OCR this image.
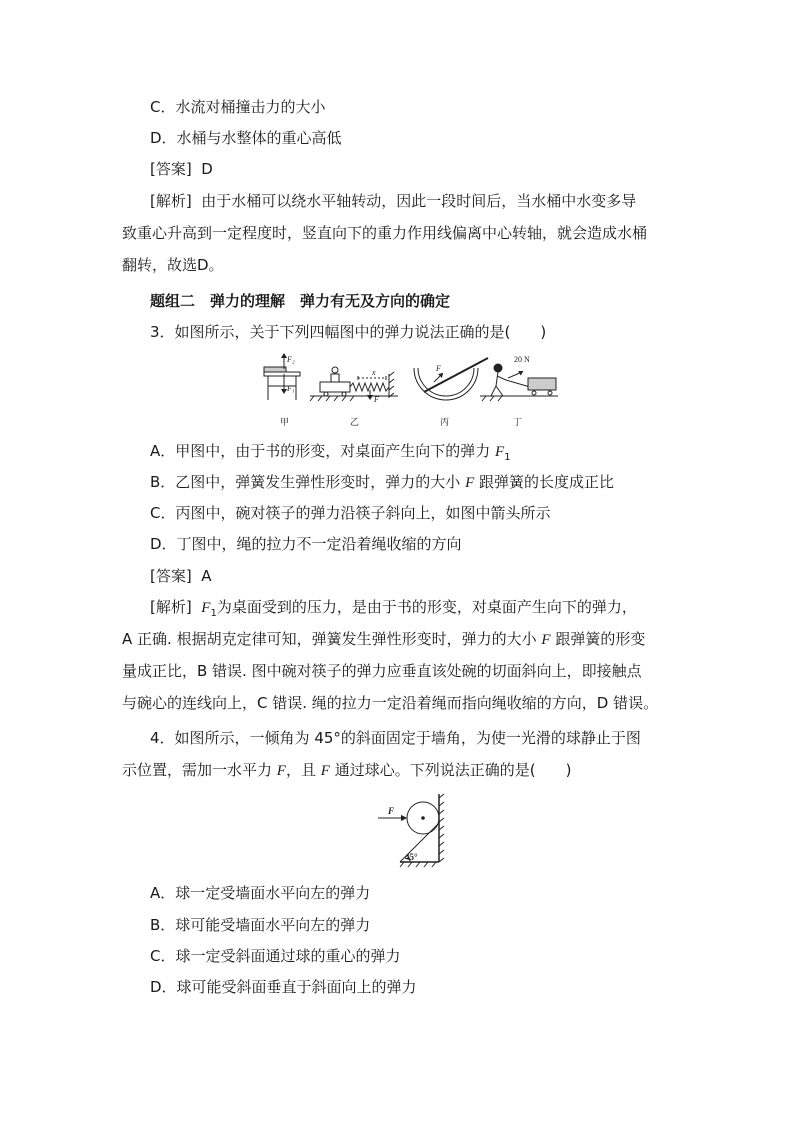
C．水流对桶撞击力的大小
D．水桶与水整体的重心高低
[答案] D
[解析] 由于水桶可以绕水平轴转动，因此一段时间后，当水桶中水变多导
致重心升高到一定程度时，竖直向下的重力作用线偏离中心转轴，就会造成水桶
翻转，故选D。
题组二　弹力的理解　弹力有无及方向的确定
3．如图所示，关于下列四幅图中的弹力说法正确的是(　　)
F₂
F₁
x
F
F
20 N
甲	乙	丙	丁
A．甲图中，由于书的形变，对桌面产生向下的弹力 $F_1$
B．乙图中，弹簧发生弹性形变时，弹力的大小 F 跟弹簧的长度成正比
C．丙图中，碗对筷子的弹力沿筷子斜向上，如图中箭头所示
D．丁图中，绳的拉力不一定沿着绳收缩的方向
[答案] A
[解析] $F_1$为桌面受到的压力，是由于书的形变，对桌面产生向下的弹力，
A 正确. 根据胡克定律可知，弹簧发生弹性形变时，弹力的大小 F 跟弹簧的形变
量成正比，B 错误. 图中碗对筷子的弹力应垂直该处碗的切面斜向上，即接触点
与碗心的连线向上，C 错误. 绳的拉力一定沿着绳而指向绳收缩的方向，D 错误。
4．如图所示，一倾角为 45°的斜面固定于墙角，为使一光滑的球静止于图
示位置，需加一水平力 F，且 F 通过球心。下列说法正确的是(　　)
F
45°
A．球一定受墙面水平向左的弹力
B．球可能受墙面水平向左的弹力
C．球一定受斜面通过球的重心的弹力
D．球可能受斜面垂直于斜面向上的弹力
